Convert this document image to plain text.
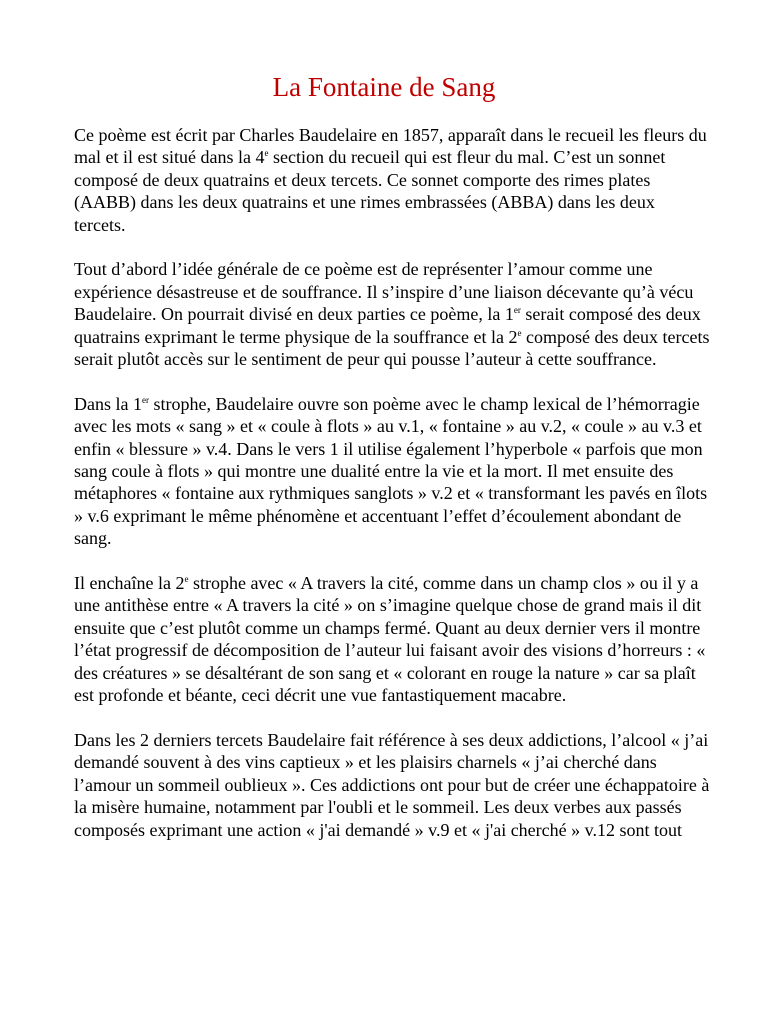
La Fontaine de Sang

Ce poème est écrit par Charles Baudelaire en 1857, apparaît dans le recueil les fleurs du mal et il est situé dans la 4e section du recueil qui est fleur du mal. C’est un sonnet composé de deux quatrains et deux tercets. Ce sonnet comporte des rimes plates (AABB) dans les deux quatrains et une rimes embrassées (ABBA) dans les deux tercets.

Tout d’abord l’idée générale de ce poème est de représenter l’amour comme une expérience désastreuse et de souffrance. Il s’inspire d’une liaison décevante qu’à vécu Baudelaire. On pourrait divisé en deux parties ce poème, la 1er serait composé des deux quatrains exprimant le terme physique de la souffrance et la 2e composé des deux tercets serait plutôt accès sur le sentiment de peur qui pousse l’auteur à cette souffrance.

Dans la 1er strophe, Baudelaire ouvre son poème avec le champ lexical de l’hémorragie avec les mots « sang » et « coule à flots » au v.1, « fontaine » au v.2, « coule » au v.3 et enfin « blessure » v.4. Dans le vers 1 il utilise également l’hyperbole « parfois que mon sang coule à flots » qui montre une dualité entre la vie et la mort. Il met ensuite des métaphores « fontaine aux rythmiques sanglots » v.2 et « transformant les pavés en îlots » v.6 exprimant le même phénomène et accentuant l’effet d’écoulement abondant de sang.

Il enchaîne la 2e strophe avec « A travers la cité, comme dans un champ clos » ou il y a une antithèse entre « A travers la cité » on s’imagine quelque chose de grand mais il dit ensuite que c’est plutôt comme un champs fermé. Quant au deux dernier vers il montre l’état progressif de décomposition de l’auteur lui faisant avoir des visions d’horreurs : « des créatures » se désaltérant de son sang et « colorant en rouge la nature » car sa plaît est profonde et béante, ceci décrit une vue fantastiquement macabre.

Dans les 2 derniers tercets Baudelaire fait référence à ses deux addictions, l’alcool « j’ai demandé souvent à des vins captieux » et les plaisirs charnels « j’ai cherché dans l’amour un sommeil oublieux ». Ces addictions ont pour but de créer une échappatoire à la misère humaine, notamment par l'oubli et le sommeil. Les deux verbes aux passés composés exprimant une action « j'ai demandé » v.9 et « j'ai cherché » v.12 sont tout
